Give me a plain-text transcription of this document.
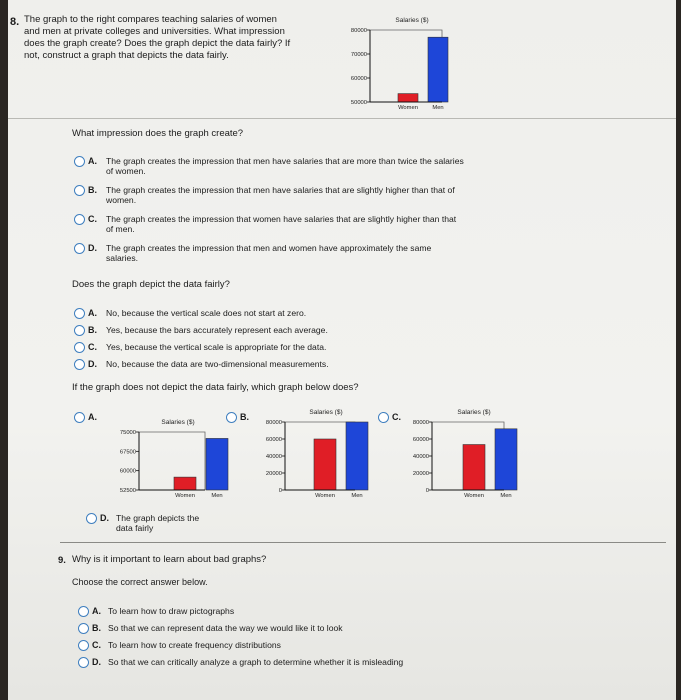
8. The graph to the right compares teaching salaries of women
and men at private colleges and universities. What impression
does the graph create? Does the graph depict the data fairly? If
not, construct a graph that depicts the data fairly.
Salaries ($)
50000
60000
70000
80000
Women Men
What impression does the graph create?
A. The graph creates the impression that men have salaries that are more than twice the salaries
of women.
B. The graph creates the impression that men have salaries that are slightly higher than that of
women.
C. The graph creates the impression that women have salaries that are slightly higher than that
of men.
D. The graph creates the impression that men and women have approximately the same
salaries.
Does the graph depict the data fairly?
A. No, because the vertical scale does not start at zero.
B. Yes, because the bars accurately represent each average.
C. Yes, because the vertical scale is appropriate for the data.
D. No, because the data are two-dimensional measurements.
If the graph does not depict the data fairly, which graph below does?
A.
Salaries ($)
52500
60000
67500
75000
Women	Men
B.	Salaries ($)
0
20000
40000
60000
80000
Women	Men
C.	Salaries ($)
0
20000
40000
60000
80000
Women	Men
D. The graph depicts the
data fairly
9. Why is it important to learn about bad graphs?
Choose the correct answer below.
A. To learn how to draw pictographs
B. So that we can represent data the way we would like it to look
C. To learn how to create frequency distributions
D. So that we can critically analyze a graph to determine whether it is misleading
